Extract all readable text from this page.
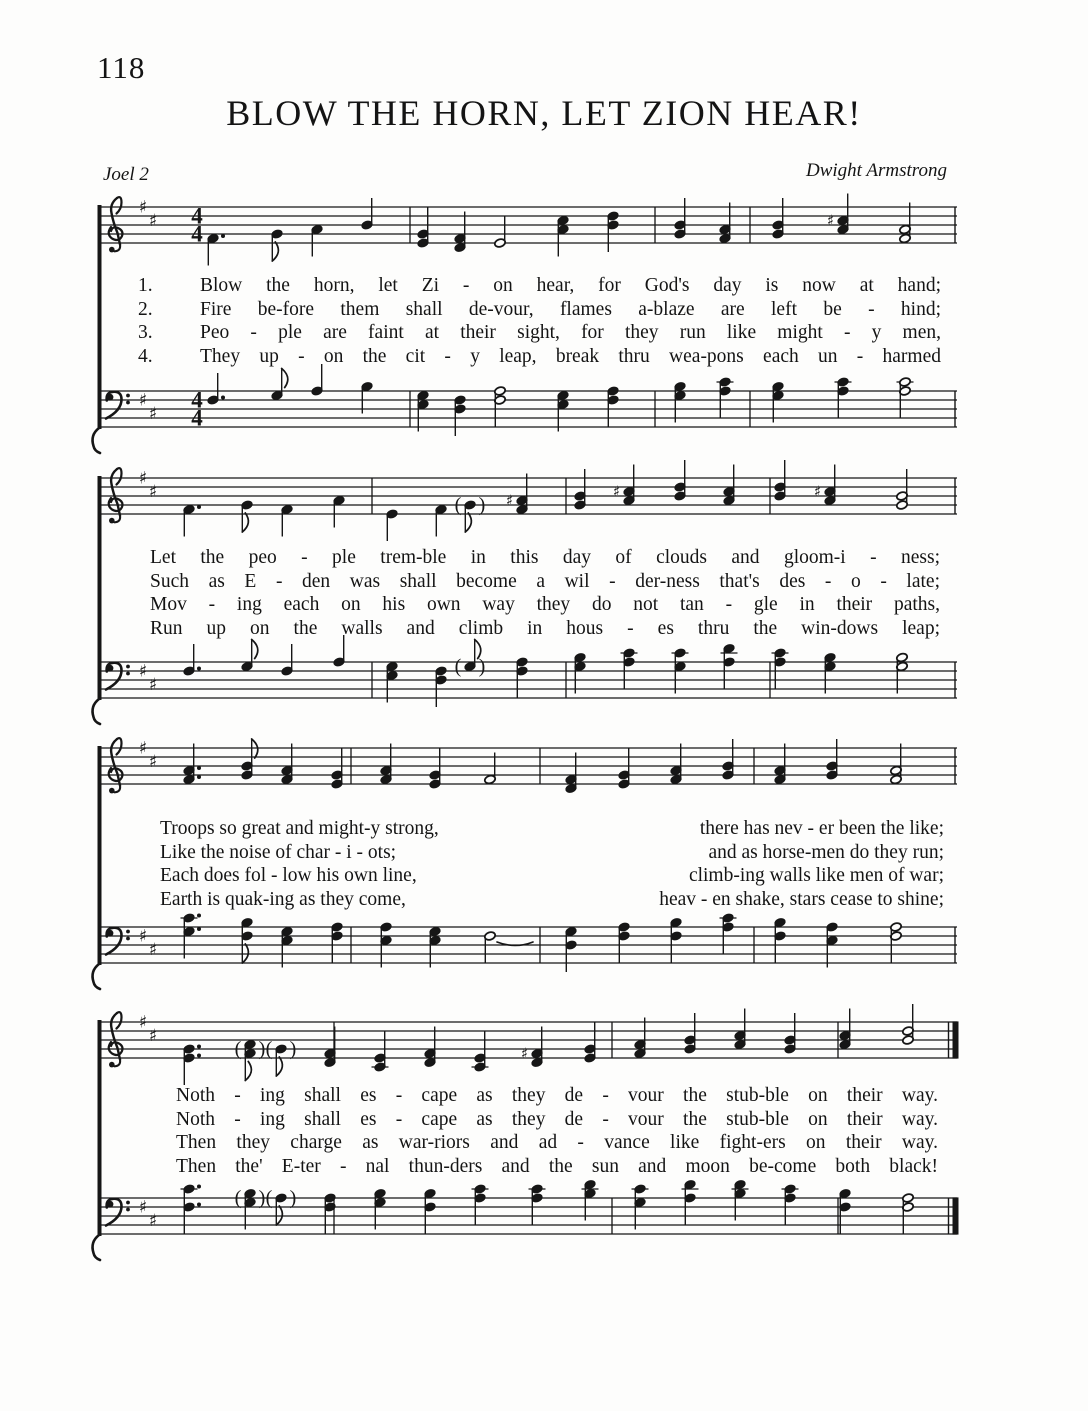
118
BLOW THE HORN, LET ZION HEAR!
Joel 2	Dwight Armstrong
♯
♯
♯
♯
4
4
4
4
♯
♯
♯
♯
♯
( ) ♯	♯	♯
( )
♯
♯
♯
♯
♯
♯
♯
♯
( ) ( )	♯
( ) ( )
1.	Blow the horn, let Zi - on hear, for God's day is now at hand;
2.	Fire be-fore them shall de-vour, flames a-blaze are left be - hind;
3.	Peo - ple are faint at their sight, for they run like might - y men,
4.	They up - on the cit - y leap, break thru wea-pons each un - harmed
Let the peo - ple trem-ble in this day of clouds and gloom-i - ness;
Such as E - den was shall become a wil - der-ness that's des - o - late;
Mov - ing each on his own way they do not tan - gle in their paths,
Run up on the walls and climb in hous - es thru the win-dows leap;
Troops so great and might-y strong,	there has nev - er been the like;
Like the noise of char - i - ots;	and as horse-men do they run;
Each does fol - low his own line,	climb-ing walls like men of war;
Earth is quak-ing as they come,	heav - en shake, stars cease to shine;
Noth - ing shall es - cape as they de - vour the stub-ble on their way.
Noth - ing shall es - cape as they de - vour the stub-ble on their way.
Then they charge as war-riors and ad - vance like fight-ers on their way.
Then the' E-ter - nal thun-ders and the sun and moon be-come both black!
